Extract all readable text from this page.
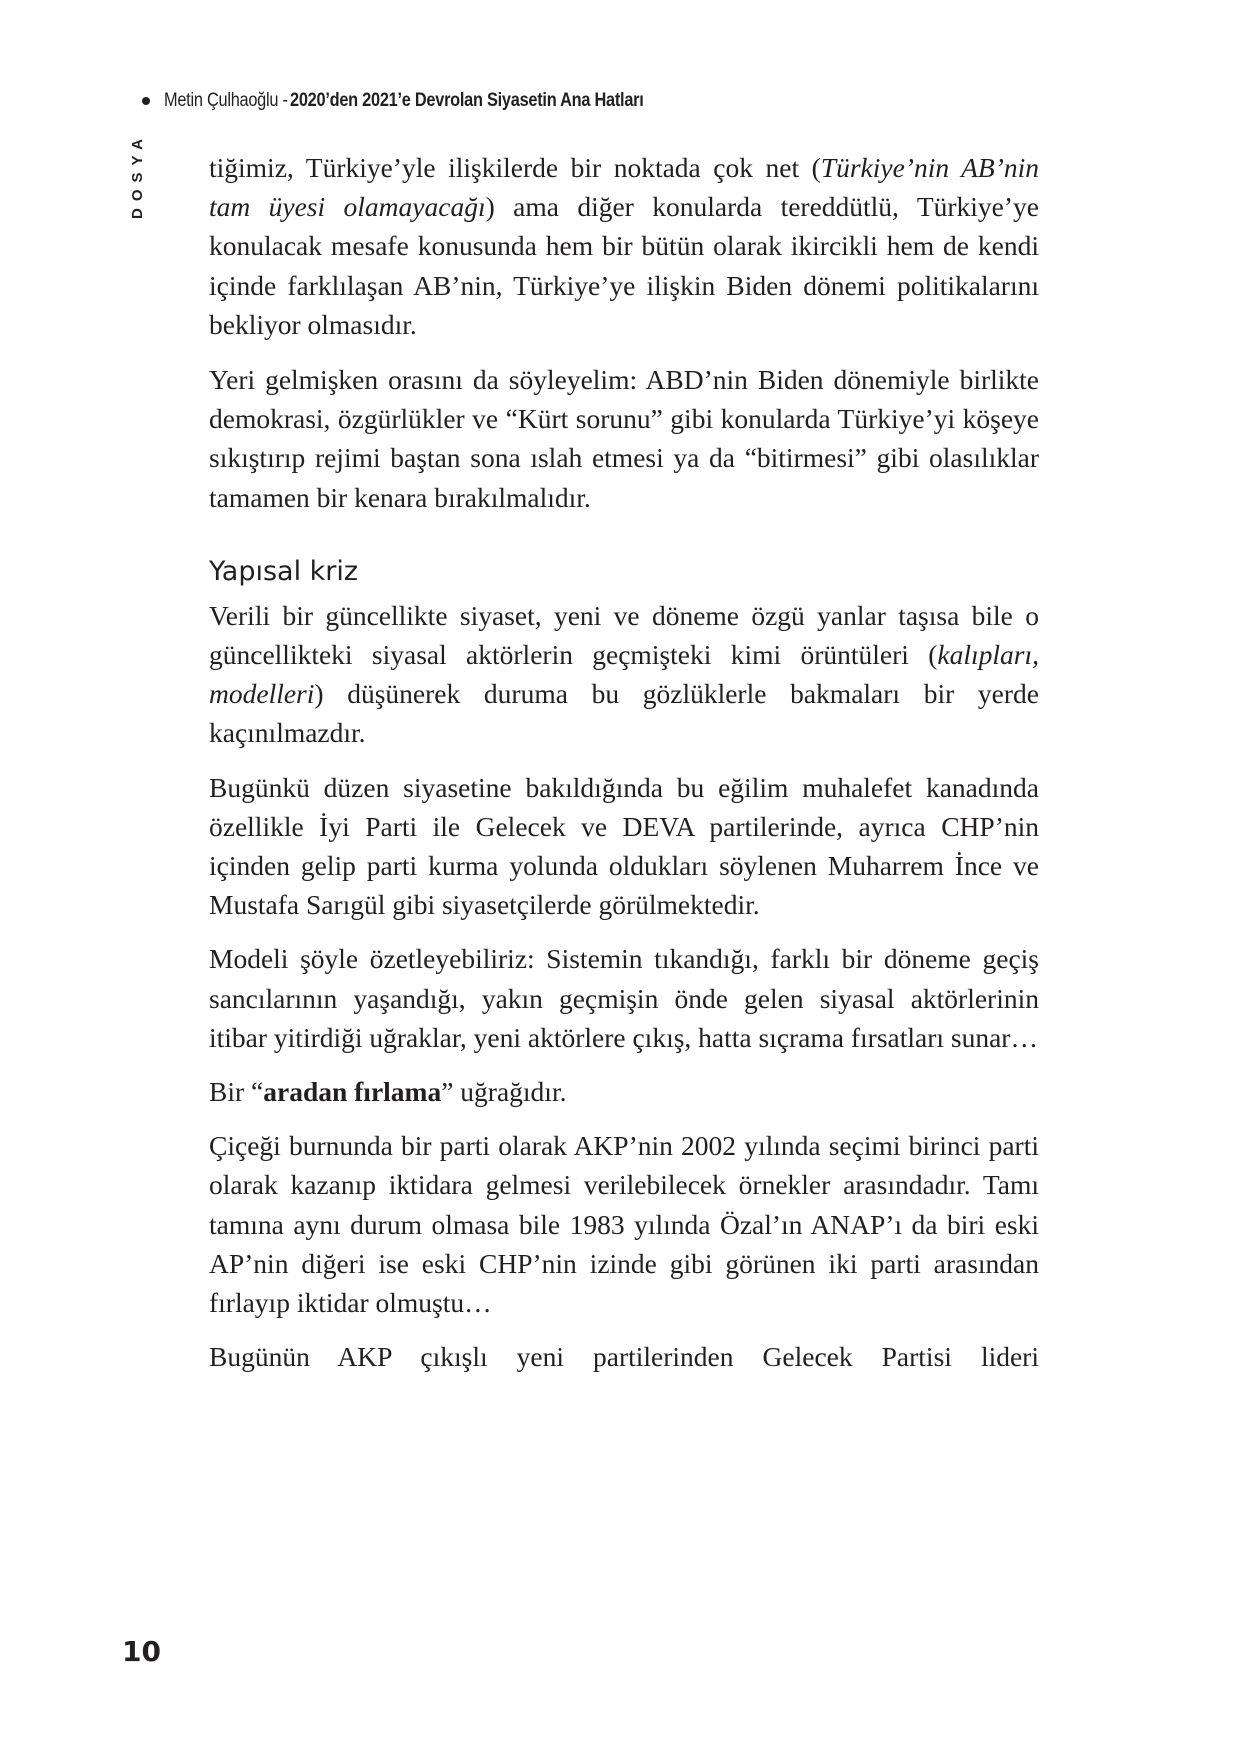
Metin Çulhaoğlu - 2020’den 2021’e Devrolan Siyasetin Ana Hatları
DOSYA tiğimiz, Türkiye’yle ilişkilerde bir noktada çok net (Türkiye’nin AB’nin tam üyesi olamayacağı) ama diğer konularda tereddütlü, Türkiye’ye konulacak mesafe konusunda hem bir bütün olarak ikircikli hem de kendi içinde farklılaşan AB’nin, Türkiye’ye ilişkin Biden dönemi politikalarını bekliyor olmasıdır.

Yeri gelmişken orasını da söyleyelim: ABD’nin Biden dönemiyle birlikte demokrasi, özgürlükler ve “Kürt sorunu” gibi konularda Türkiye’yi köşeye sıkıştırıp rejimi baştan sona ıslah etmesi ya da “bitirmesi” gibi olasılıklar tamamen bir kenara bırakılmalıdır.

Yapısal kriz

Verili bir güncellikte siyaset, yeni ve döneme özgü yanlar taşısa bile o güncellikteki siyasal aktörlerin geçmişteki kimi örüntüleri (kalıpları, modelleri) düşünerek duruma bu gözlüklerle bakmaları bir yerde kaçınılmazdır.

Bugünkü düzen siyasetine bakıldığında bu eğilim muhalefet kanadında özellikle İyi Parti ile Gelecek ve DEVA partilerinde, ayrıca CHP’nin içinden gelip parti kurma yolunda oldukları söylenen Muharrem İnce ve Mustafa Sarıgül gibi siyasetçilerde görülmektedir.

Modeli şöyle özetleyebiliriz: Sistemin tıkandığı, farklı bir döneme geçiş sancılarının yaşandığı, yakın geçmişin önde gelen siyasal aktörlerinin itibar yitirdiği uğraklar, yeni aktörlere çıkış, hatta sıçrama fırsatları sunar…

Bir “aradan fırlama” uğrağıdır.

Çiçeği burnunda bir parti olarak AKP’nin 2002 yılında seçimi birinci parti olarak kazanıp iktidara gelmesi verilebilecek örnekler arasındadır. Tamı tamına aynı durum olmasa bile 1983 yılında Özal’ın ANAP’ı da biri eski AP’nin diğeri ise eski CHP’nin izinde gibi görünen iki parti arasından fırlayıp iktidar olmuştu…

Bugünün AKP çıkışlı yeni partilerinden Gelecek Partisi lideri

10
